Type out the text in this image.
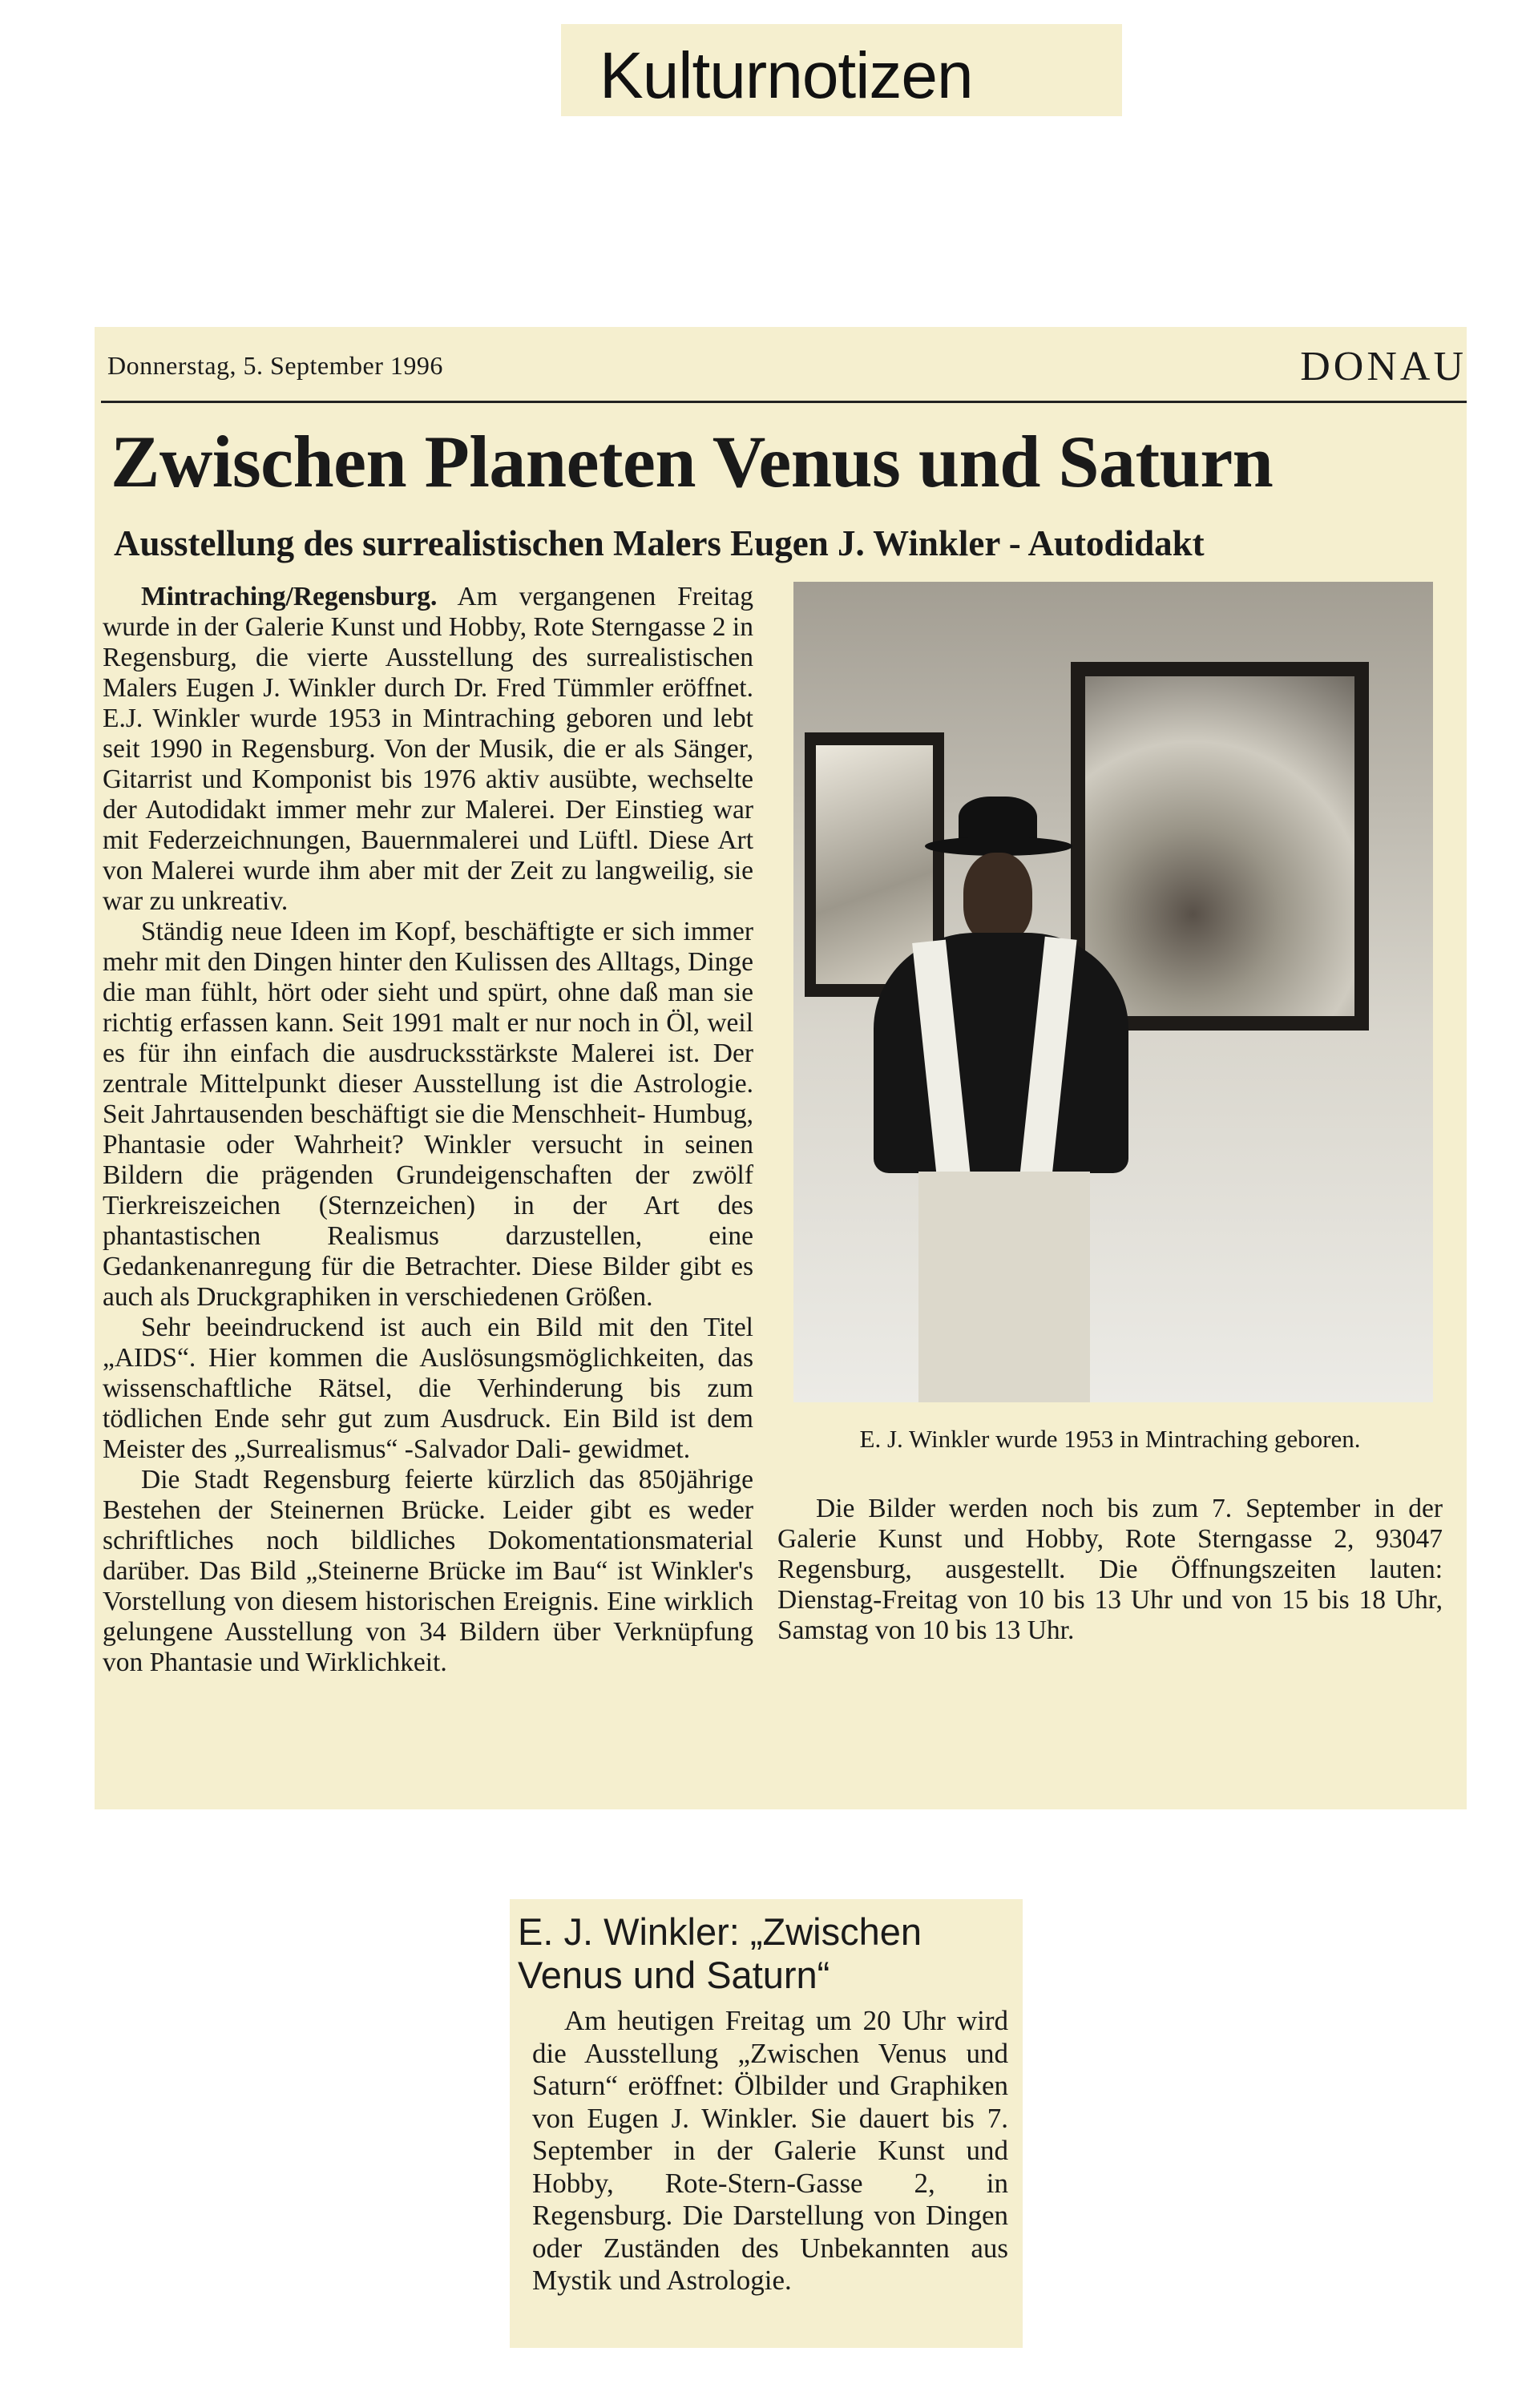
Kulturnotizen
Donnerstag, 5. September 1996	DONAU
Zwischen Planeten Venus und Saturn
Ausstellung des surrealistischen Malers Eugen J. Winkler - Autodidakt

Mintraching/Regensburg. Am vergangenen Freitag wurde in der Galerie Kunst und Hobby, Rote Sterngasse 2 in Regensburg, die vierte Ausstellung des surrealistischen Malers Eugen J. Winkler durch Dr. Fred Tümmler eröffnet. E.J. Winkler wurde 1953 in Mintraching geboren und lebt seit 1990 in Regensburg. Von der Musik, die er als Sänger, Gitarrist und Komponist bis 1976 aktiv ausübte, wechselte der Autodidakt immer mehr zur Malerei. Der Einstieg war mit Federzeichnungen, Bauernmalerei und Lüftl. Diese Art von Malerei wurde ihm aber mit der Zeit zu langweilig, sie war zu unkreativ.

Ständig neue Ideen im Kopf, beschäftigte er sich immer mehr mit den Dingen hinter den Kulissen des Alltags, Dinge die man fühlt, hört oder sieht und spürt, ohne daß man sie richtig erfassen kann. Seit 1991 malt er nur noch in Öl, weil es für ihn einfach die ausdrucksstärkste Malerei ist. Der zentrale Mittelpunkt dieser Ausstellung ist die Astrologie. Seit Jahrtausenden beschäftigt sie die Menschheit- Humbug, Phantasie oder Wahrheit? Winkler versucht in seinen Bildern die prägenden Grundeigenschaften der zwölf Tierkreiszeichen (Sternzeichen) in der Art des phantastischen Realismus darzustellen, eine Gedankenanregung für die Betrachter. Diese Bilder gibt es auch als Druckgraphiken in verschiedenen Größen.

Sehr beeindruckend ist auch ein Bild mit den Titel „AIDS“. Hier kommen die Auslösungsmöglichkeiten, das wissenschaftliche Rätsel, die Verhinderung bis zum tödlichen Ende sehr gut zum Ausdruck. Ein Bild ist dem Meister des „Surrealismus“ -Salvador Dali- gewidmet.

Die Stadt Regensburg feierte kürzlich das 850jährige Bestehen der Steinernen Brücke. Leider gibt es weder schriftliches noch bildliches Dokomentationsmaterial darüber. Das Bild „Steinerne Brücke im Bau“ ist Winkler's Vorstellung von diesem historischen Ereignis. Eine wirklich gelungene Ausstellung von 34 Bildern über Verknüpfung von Phantasie und Wirklichkeit.

E. J. Winkler wurde 1953 in Mintraching geboren.

Die Bilder werden noch bis zum 7. September in der Galerie Kunst und Hobby, Rote Sterngasse 2, 93047 Regensburg, ausgestellt. Die Öffnungszeiten lauten: Dienstag-Freitag von 10 bis 13 Uhr und von 15 bis 18 Uhr, Samstag von 10 bis 13 Uhr.

E. J. Winkler: „Zwischen Venus und Saturn“

Am heutigen Freitag um 20 Uhr wird die Ausstellung „Zwischen Venus und Saturn“ eröffnet: Ölbilder und Graphiken von Eugen J. Winkler. Sie dauert bis 7. September in der Galerie Kunst und Hobby, Rote-Stern-Gasse 2, in Regensburg. Die Darstellung von Dingen oder Zuständen des Unbekannten aus Mystik und Astrologie.
